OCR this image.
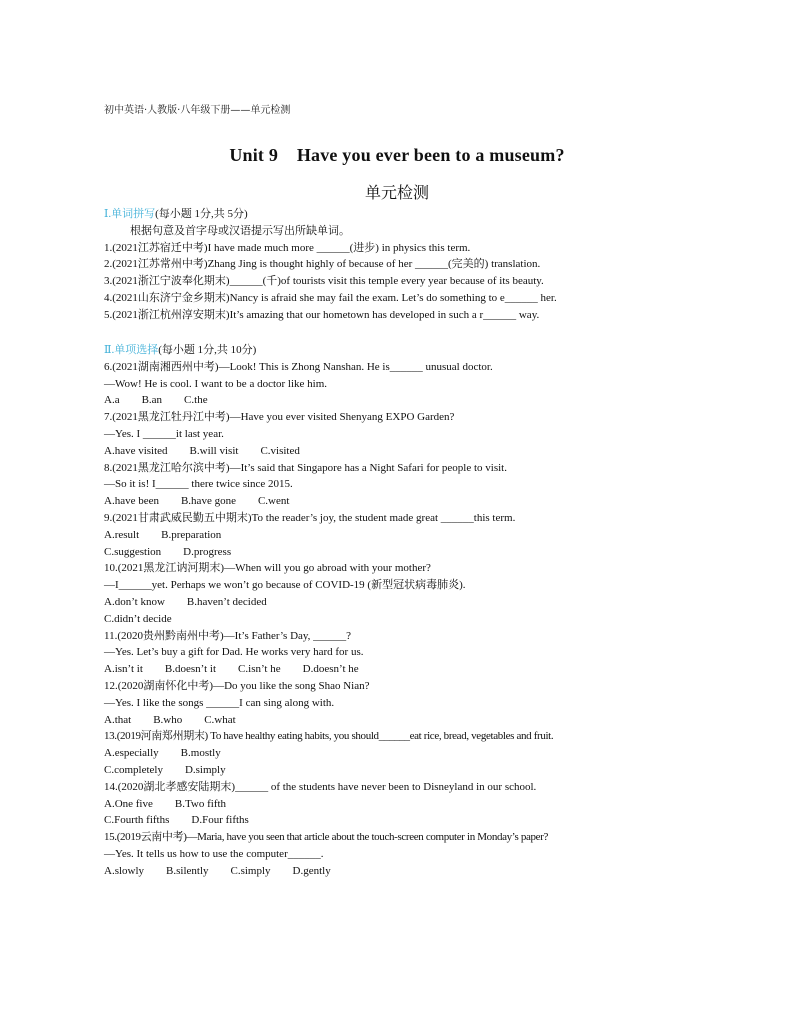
初中英语·人教版·八年级下册——单元检测
Unit 9    Have you ever been to a museum?
单元检测
Ⅰ.单词拼写(每小题 1分,共 5分)
根据句意及首字母或汉语提示写出所缺单词。
1.(2021江苏宿迁中考)I have made much more ______(进步) in physics this term.
2.(2021江苏常州中考)Zhang Jing is thought highly of because of her ______(完美的) translation.
3.(2021浙江宁波奉化期末)______(千)of tourists visit this temple every year because of its beauty.
4.(2021山东济宁金乡期末)Nancy is afraid she may fail the exam. Let’s do something to e______ her.
5.(2021浙江杭州淳安期末)It’s amazing that our hometown has developed in such a r______ way.
Ⅱ.单项选择(每小题 1分,共 10分)
6.(2021湖南湘西州中考)—Look! This is Zhong Nanshan. He is______ unusual doctor.
—Wow! He is cool. I want to be a doctor like him.
A.a        B.an        C.the
7.(2021黑龙江牡丹江中考)—Have you ever visited Shenyang EXPO Garden?
—Yes. I ______it last year.
A.have visited        B.will visit        C.visited
8.(2021黑龙江哈尔滨中考)—It’s said that Singapore has a Night Safari for people to visit.
—So it is! I______ there twice since 2015.
A.have been        B.have gone        C.went
9.(2021甘肃武威民勤五中期末)To the reader’s joy, the student made great ______this term.
A.result        B.preparation
C.suggestion        D.progress
10.(2021黑龙江讷河期末)—When will you go abroad with your mother?
—I______yet. Perhaps we won’t go because of COVID-19 (新型冠状病毒肺炎).
A.don’t know        B.haven’t decided
C.didn’t decide
11.(2020贵州黔南州中考)—It’s Father’s Day, ______?
—Yes. Let’s buy a gift for Dad. He works very hard for us.
A.isn’t it        B.doesn’t it        C.isn’t he        D.doesn’t he
12.(2020湖南怀化中考)—Do you like the song Shao Nian?
—Yes. I like the songs ______I can sing along with.
A.that        B.who        C.what
13.(2019河南郑州期末) To have healthy eating habits, you should______eat rice, bread, vegetables and fruit.
A.especially        B.mostly
C.completely        D.simply
14.(2020湖北孝感安陆期末)______ of the students have never been to Disneyland in our school.
A.One five        B.Two fifth
C.Fourth fifths        D.Four fifths
15.(2019云南中考)—Maria, have you seen that article about the touch-screen computer in Monday’s paper?
—Yes. It tells us how to use the computer______.
A.slowly        B.silently        C.simply        D.gently
